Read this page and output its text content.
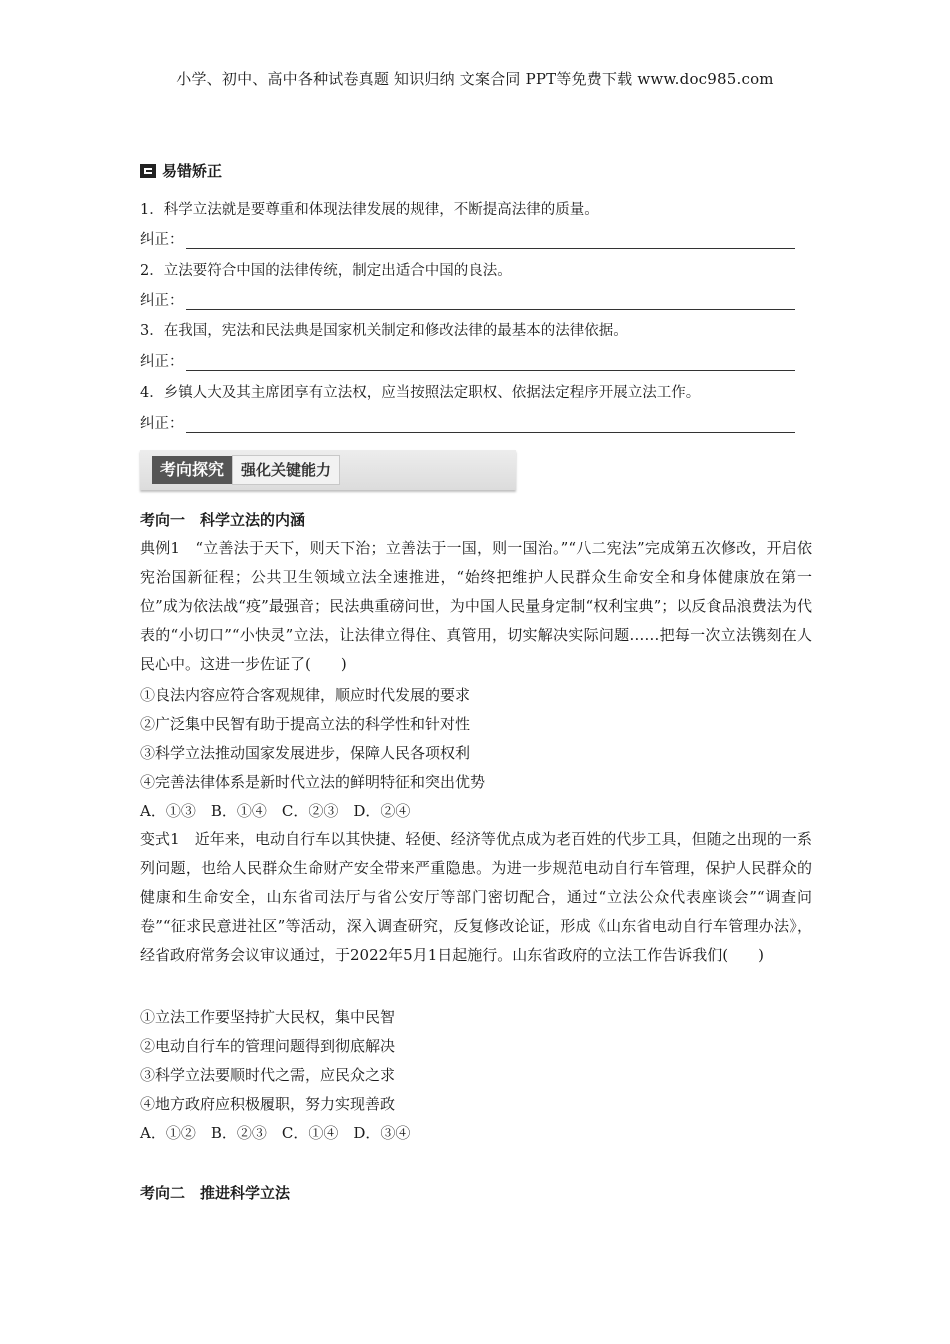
小学、初中、高中各种试卷真题 知识归纳 文案合同 PPT等免费下载 www.doc985.com
易错矫正
1．科学立法就是要尊重和体现法律发展的规律，不断提高法律的质量。
纠正：
2．立法要符合中国的法律传统，制定出适合中国的良法。
纠正：
3．在我国，宪法和民法典是国家机关制定和修改法律的最基本的法律依据。
纠正：
4．乡镇人大及其主席团享有立法权，应当按照法定职权、依据法定程序开展立法工作。
纠正：
考向探究	强化关键能力
考向一　科学立法的内涵
典例1　“立善法于天下，则天下治；立善法于一国，则一国治。”“八二宪法”完成第五次修改，开启依宪治国新征程；公共卫生领域立法全速推进，“始终把维护人民群众生命安全和身体健康放在第一位”成为依法战“疫”最强音；民法典重磅问世，为中国人民量身定制“权利宝典”；以反食品浪费法为代表的“小切口”“小快灵”立法，让法律立得住、真管用，切实解决实际问题……把每一次立法镌刻在人民心中。这进一步佐证了(　　)
①良法内容应符合客观规律，顺应时代发展的要求
②广泛集中民智有助于提高立法的科学性和针对性
③科学立法推动国家发展进步，保障人民各项权利
④完善法律体系是新时代立法的鲜明特征和突出优势
A．①③　B．①④　C．②③　D．②④
变式1　近年来，电动自行车以其快捷、轻便、经济等优点成为老百姓的代步工具，但随之出现的一系列问题，也给人民群众生命财产安全带来严重隐患。为进一步规范电动自行车管理，保护人民群众的健康和生命安全，山东省司法厅与省公安厅等部门密切配合，通过“立法公众代表座谈会”“调查问卷”“征求民意进社区”等活动，深入调查研究，反复修改论证，形成《山东省电动自行车管理办法》，经省政府常务会议审议通过，于2022年5月1日起施行。山东省政府的立法工作告诉我们(　　)
①立法工作要坚持扩大民权，集中民智
②电动自行车的管理问题得到彻底解决
③科学立法要顺时代之需，应民众之求
④地方政府应积极履职，努力实现善政
A．①②　B．②③　C．①④　D．③④
考向二　推进科学立法
